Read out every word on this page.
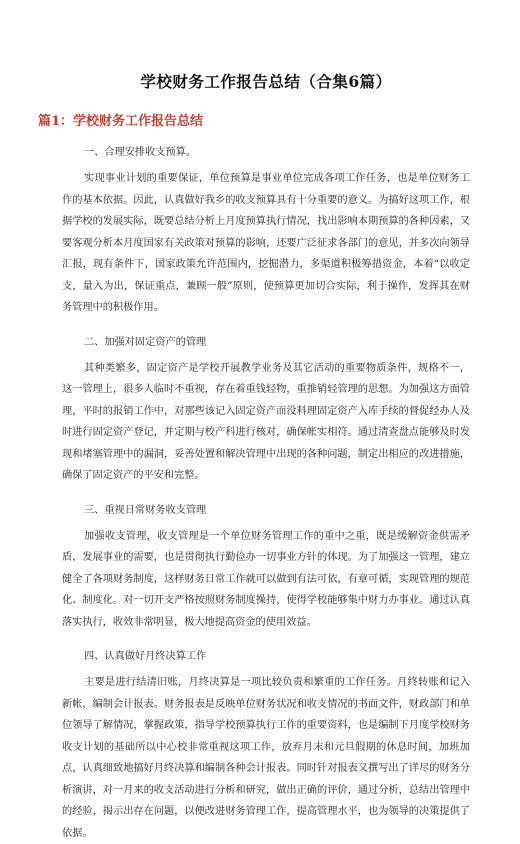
学校财务工作报告总结（合集6篇）
篇1：学校财务工作报告总结
一、合理安排收支预算。

实现事业计划的重要保证，单位预算是事业单位完成各项工作任务，也是单位财务工作的基本依据。因此，认真做好我乡的收支预算具有十分重要的意义。为搞好这项工作，根据学校的发展实际，既要总结分析上月度预算执行情况，找出影响本期预算的各种因素，又要客观分析本月度国家有关政策对预算的影响，还要广泛征求各部门的意见，并多次向领导汇报，现有条件下，国家政策允许范围内，挖掘潜力，多渠道积极筹措资金，本着“以收定支，量入为出，保证重点，兼顾一般”原则，使预算更加切合实际，利于操作，发挥其在财务管理中的积极作用。

二、加强对固定资产的管理

其种类繁多，固定资产是学校开展教学业务及其它活动的重要物质条件，规格不一，这一管理上，很多人临时不重视，存在着重钱轻物，重推销轻管理的思想。为加强这方面管理，平时的报销工作中，对那些该记入固定资产而没料理固定资产入库手续的督促经办人及时进行固定资产登记，并定期与校产科进行核对，确保帐实相符。通过清查盘点能够及时发现和堵塞管理中的漏洞，妥善处置和解决管理中出现的各种问题，制定出相应的改进措施，确保了固定资产的平安和完整。

三、重视日常财务收支管理

加强收支管理，收支管理是一个单位财务管理工作的重中之重，既是缓解资金供需矛盾，发展事业的需要，也是贯彻执行勤俭办一切事业方针的体现。为了加强这一管理，建立健全了各项财务制度，这样财务日常工作就可以做到有法可依，有章可循，实现管理的规范化、制度化。对一切开支严格按照财务制度操持，使得学校能够集中财力办事业。通过认真落实执行，收效非常明显，极大地提高资金的使用效益。

四、认真做好月终决算工作

主要是进行结清旧账，月终决算是一项比较负责和繁重的工作任务。月终转账和记入新帐，编制会计报表。财务报表是反映单位财务状况和收支情况的书面文件，财政部门和单位领导了解情况，掌握政策，指导学校预算执行工作的重要资料，也是编制下月度学校财务收支计划的基础所以中心校非常重视这项工作，放弃月末和元旦假期的休息时间，加班加点，认真细致地搞好月终决算和编制各种会计报表。同时针对报表又撰写出了详尽的财务分析演讲，对一月来的收支活动进行分析和研究，做出正确的评价，通过分析，总结出管理中的经验，揭示出存在问题，以便改进财务管理工作，提高管理水平，也为领导的决策提供了依据。
